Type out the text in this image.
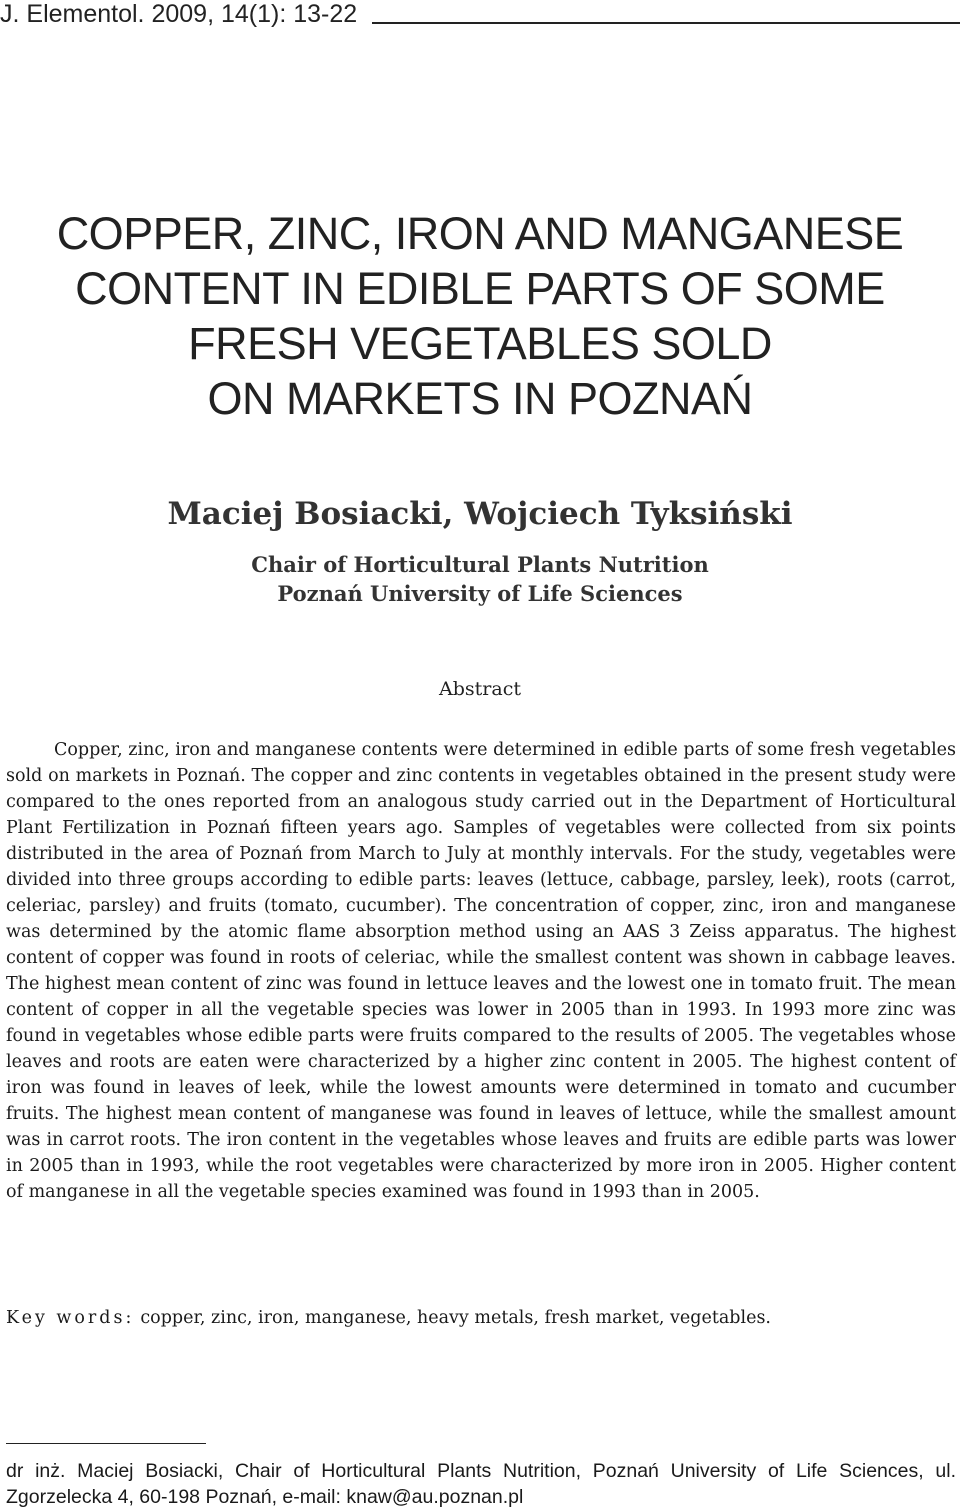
J. Elementol. 2009, 14(1): 13-22
COPPER, ZINC, IRON AND MANGANESE
CONTENT IN EDIBLE PARTS OF SOME
FRESH VEGETABLES SOLD
ON MARKETS IN POZNAŃ
Maciej Bosiacki, Wojciech Tyksiński
Chair of Horticultural Plants Nutrition
Poznań University of Life Sciences
Abstract

Copper, zinc, iron and manganese contents were determined in edible parts of some fresh vegetables sold on markets in Poznań. The copper and zinc contents in vegetables obtained in the present study were compared to the ones reported from an analogous study carried out in the Department of Horticultural Plant Fertilization in Poznań fifteen years ago. Samples of vegetables were collected from six points distributed in the area of Poznań from March to July at monthly intervals. For the study, vegetables were divided into three groups according to edible parts: leaves (lettuce, cabbage, parsley, leek), roots (carrot, celeriac, parsley) and fruits (tomato, cucumber). The concentration of copper, zinc, iron and manganese was determined by the atomic flame absorption method using an AAS 3 Zeiss apparatus. The highest content of copper was found in roots of celeriac, while the smallest content was shown in cabbage leaves. The highest mean content of zinc was found in lettuce leaves and the lowest one in tomato fruit. The mean content of copper in all the vegetable species was lower in 2005 than in 1993. In 1993 more zinc was found in vegetables whose edible parts were fruits compared to the results of 2005. The vegetables whose leaves and roots are eaten were characterized by a higher zinc content in 2005. The highest content of iron was found in leaves of leek, while the lowest amounts were determined in tomato and cucumber fruits. The highest mean content of manganese was found in leaves of lettuce, while the smallest amount was in carrot roots. The iron content in the vegetables whose leaves and fruits are edible parts was lower in 2005 than in 1993, while the root vegetables were characterized by more iron in 2005. Higher content of manganese in all the vegetable species examined was found in 1993 than in 2005.

Key words: copper, zinc, iron, manganese, heavy metals, fresh market, vegetables.

dr inż. Maciej Bosiacki, Chair of Horticultural Plants Nutrition, Poznań University of Life Sciences, ul. Zgorzelecka 4, 60-198 Poznań, e-mail: knaw@au.poznan.pl
